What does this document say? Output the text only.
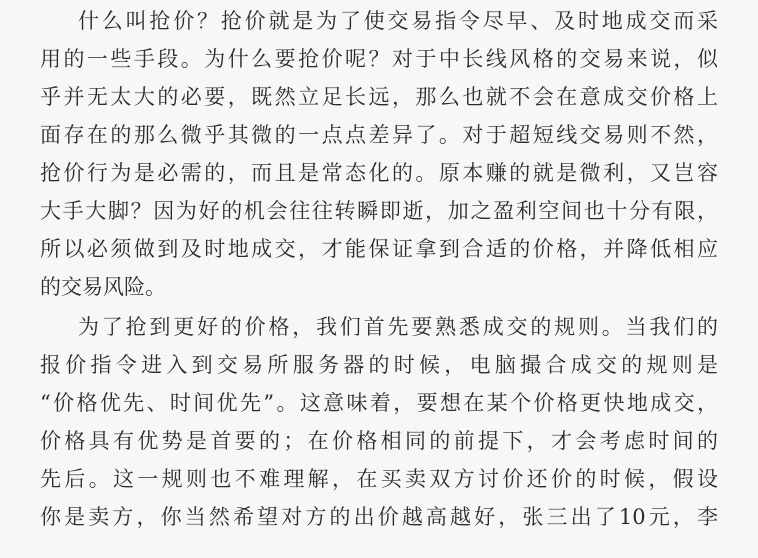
什么叫抢价？抢价就是为了使交易指令尽早、及时地成交而采
用的一些手段。为什么要抢价呢？对于中长线风格的交易来说，似
乎并无太大的必要，既然立足长远，那么也就不会在意成交价格上
面存在的那么微乎其微的一点点差异了。对于超短线交易则不然，
抢价行为是必需的，而且是常态化的。原本赚的就是微利，又岂容
大手大脚？因为好的机会往往转瞬即逝，加之盈利空间也十分有限，
所以必须做到及时地成交，才能保证拿到合适的价格，并降低相应
的交易风险。
为了抢到更好的价格，我们首先要熟悉成交的规则。当我们的
报价指令进入到交易所服务器的时候，电脑撮合成交的规则是
“价格优先、时间优先”。这意味着，要想在某个价格更快地成交，
价格具有优势是首要的；在价格相同的前提下，才会考虑时间的
先后。这一规则也不难理解，在买卖双方讨价还价的时候，假设
你是卖方，你当然希望对方的出价越高越好，张三出了10元，李
